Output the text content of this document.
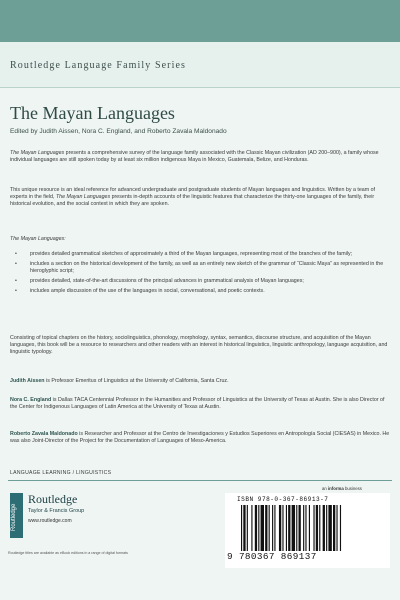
Routledge Language Family Series
The Mayan Languages
Edited by Judith Aissen, Nora C. England, and Roberto Zavala Maldonado

The Mayan Languages presents a comprehensive survey of the language family associated with the Classic Mayan civilization (AD 200–900), a family whose individual languages are still spoken today by at least six million indigenous Maya in Mexico, Guatemala, Belize, and Honduras.

This unique resource is an ideal reference for advanced undergraduate and postgraduate students of Mayan languages and linguistics. Written by a team of experts in the field, The Mayan Languages presents in-depth accounts of the linguistic features that characterize the thirty-one languages of the family, their historical evolution, and the social context in which they are spoken.

The Mayan Languages:

• provides detailed grammatical sketches of approximately a third of the Mayan languages, representing most of the branches of the family;
• includes a section on the historical development of the family, as well as an entirely new sketch of the grammar of “Classic Maya” as represented in the hieroglyphic script;
• provides detailed, state-of-the-art discussions of the principal advances in grammatical analysis of Mayan languages;
• includes ample discussion of the use of the languages in social, conversational, and poetic contexts.

Consisting of topical chapters on the history, sociolinguistics, phonology, morphology, syntax, semantics, discourse structure, and acquisition of the Mayan languages, this book will be a resource to researchers and other readers with an interest in historical linguistics, linguistic anthropology, language acquisition, and linguistic typology.

Judith Aissen is Professor Emeritus of Linguistics at the University of California, Santa Cruz.

Nora C. England is Dallas TACA Centennial Professor in the Humanities and Professor of Linguistics at the University of Texas at Austin. She is also Director of the Center for Indigenous Languages of Latin America at the University of Texas at Austin.

Roberto Zavala Maldonado is Researcher and Professor at the Centro de Investigaciones y Estudios Superiores en Antropología Social (CIESAS) in Mexico. He was also Joint-Director of the Project for the Documentation of Languages of Meso-America.

LANGUAGE LEARNING / LINGUISTICS
Routledge
Routledge
Taylor & Francis Group
www.routledge.com
Routledge titles are available as eBook editions in a range of digital formats
an informa business
ISBN 978-0-367-86913-7
9 780367 869137
